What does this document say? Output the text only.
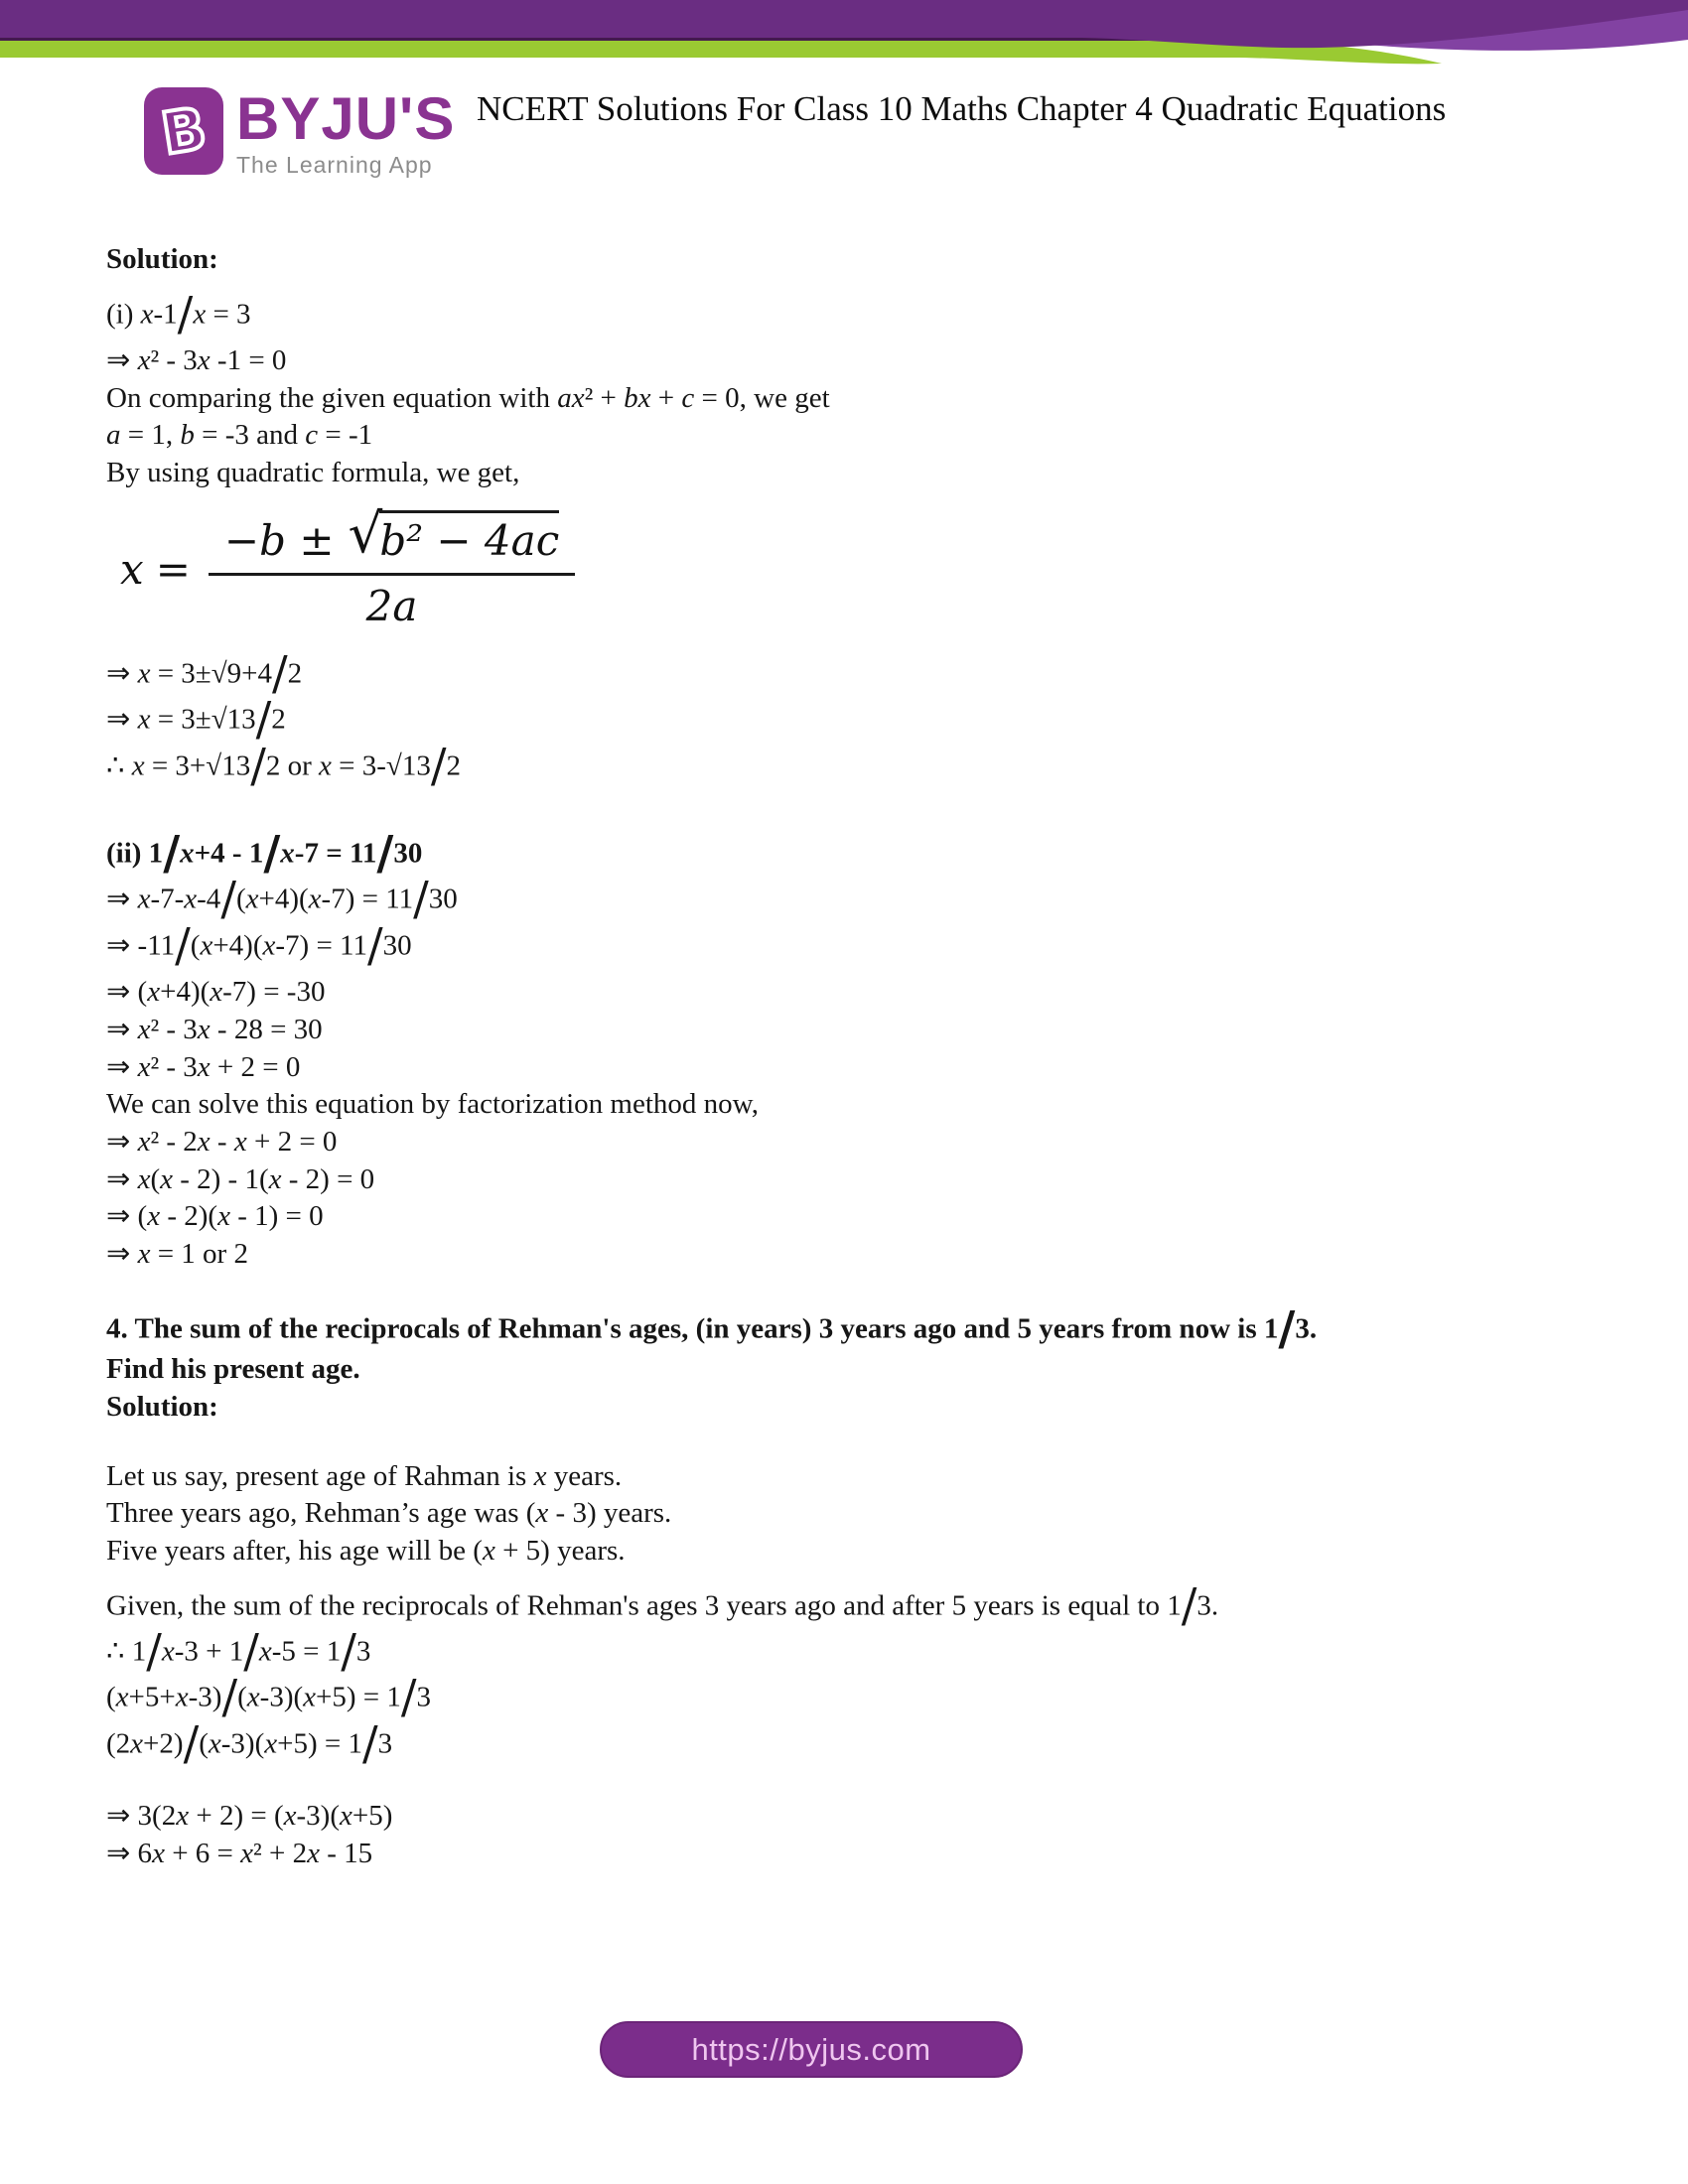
B BYJU'S
The Learning App
NCERT Solutions For Class 10 Maths Chapter 4 Quadratic Equations
Solution:
(i) x-1/x = 3
⇒ x² - 3x -1 = 0
On comparing the given equation with ax² + bx + c = 0, we get
a = 1, b = -3 and c = -1
By using quadratic formula, we get,
x = −b ± √
b² − 4ac
2a
⇒ x = 3±√9+4/2
⇒ x = 3±√13/2
∴ x = 3+√13/2 or x = 3-√13/2
(ii) 1/x+4 - 1/x-7 = 11/30
⇒ x-7-x-4/(x+4)(x-7) = 11/30
⇒ -11/(x+4)(x-7) = 11/30
⇒ (x+4)(x-7) = -30
⇒ x² - 3x - 28 = 30
⇒ x² - 3x + 2 = 0
We can solve this equation by factorization method now,
⇒ x² - 2x - x + 2 = 0
⇒ x(x - 2) - 1(x - 2) = 0
⇒ (x - 2)(x - 1) = 0
⇒ x = 1 or 2
4. The sum of the reciprocals of Rehman's ages, (in years) 3 years ago and 5 years from now is 1/3.
Find his present age.
Solution:
Let us say, present age of Rahman is x years.
Three years ago, Rehman’s age was (x - 3) years.
Five years after, his age will be (x + 5) years.
Given, the sum of the reciprocals of Rehman's ages 3 years ago and after 5 years is equal to 1/3.
∴ 1/x-3 + 1/x-5 = 1/3
(x+5+x-3)/(x-3)(x+5) = 1/3
(2x+2)/(x-3)(x+5) = 1/3
⇒ 3(2x + 2) = (x-3)(x+5)
⇒ 6x + 6 = x² + 2x - 15
https://byjus.com
